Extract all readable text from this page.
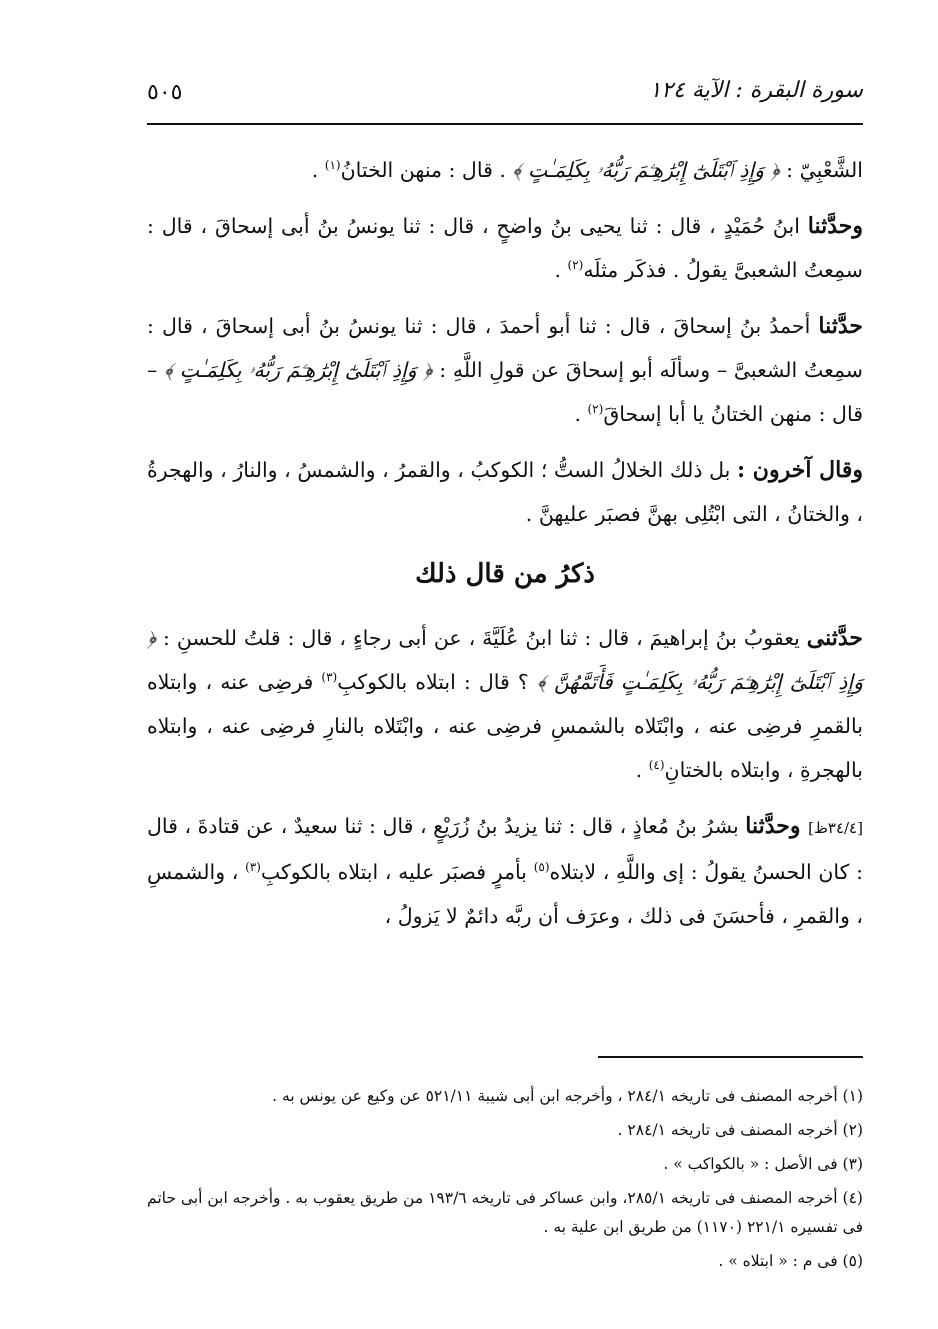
٥٠٥	سورة البقرة : الآية ١٢٤

الشَّعْبِيّ : ﴿ وَإِذِ ٱبْتَلَىٰٓ إِبْرَٰهِـۧمَ رَبُّهُۥ بِكَلِمَـٰتٍ ﴾ . قال : منهن الختانُ$^{(١)}$ .

وحدَّثنا ابنُ حُمَيْدٍ ، قال : ثنا يحيى بنُ واضحٍ ، قال : ثنا يونسُ بنُ أبى إسحاقَ ، قال : سمِعتُ الشعبىَّ يقولُ . فذكَر مثلَه$^{(٢)}$ .

حدَّثنا أحمدُ بنُ إسحاقَ ، قال : ثنا أبو أحمدَ ، قال : ثنا يونسُ بنُ أبى إسحاقَ ، قال : سمِعتُ الشعبىَّ – وسألَه أبو إسحاقَ عن قولِ اللَّهِ : ﴿ وَإِذِ ٱبْتَلَىٰٓ إِبْرَٰهِـۧمَ رَبُّهُۥ بِكَلِمَـٰتٍ ﴾ – قال : منهن الختانُ يا أبا إسحاقَ$^{(٢)}$ .

وقال آخرون : بل ذلك الخلالُ الستُّ ؛ الكوكبُ ، والقمرُ ، والشمسُ ، والنارُ ، والهجرةُ ، والختانُ ، التى ابْتُلِى بهنَّ فصبَر عليهنَّ .

ذكرُ من قال ذلك

حدَّثنى يعقوبُ بنُ إبراهيمَ ، قال : ثنا ابنُ عُلَيَّةَ ، عن أبى رجاءٍ ، قال : قلتُ للحسنِ : ﴿ وَإِذِ ٱبْتَلَىٰٓ إِبْرَٰهِـۧمَ رَبُّهُۥ بِكَلِمَـٰتٍ فَأَتَمَّهُنَّ ﴾ ؟ قال : ابتلاه بالكوكبِ$^{(٣)}$ فرضِى عنه ، وابتلاه بالقمرِ فرضِى عنه ، وابْتَلاه بالشمسِ فرضِى عنه ، وابْتَلاه بالنارِ فرضِى عنه ، وابتلاه بالهجرةِ ، وابتلاه بالختانِ$^{(٤)}$ .

[٣٤/٤ظ] وحدَّثنا بشرُ بنُ مُعاذٍ ، قال : ثنا يزيدُ بنُ زُرَيْعٍ ، قال : ثنا سعيدٌ ، عن قتادةَ ، قال : كان الحسنُ يقولُ : إى واللَّهِ ، لابتلاه$^{(٥)}$ بأمرٍ فصبَر عليه ، ابتلاه بالكوكبِ$^{(٣)}$ ، والشمسِ ، والقمرِ ، فأحسَنَ فى ذلك ، وعرَف أن ربَّه دائمٌ لا يَزولُ ،

(١) أخرجه المصنف فى تاريخه ٢٨٤/١ ، وأخرجه ابن أبى شيبة ٥٢١/١١ عن وكيع عن يونس به .

(٢) أخرجه المصنف فى تاريخه ٢٨٤/١ .

(٣) فى الأصل : « بالكواكب » .

(٤) أخرجه المصنف فى تاريخه ٢٨٥/١، وابن عساكر فى تاريخه ١٩٣/٦ من طريق يعقوب به . وأخرجه ابن أبى حاتم فى تفسيره ٢٢١/١ (١١٧٠) من طريق ابن علية به .

(٥) فى م : « ابتلاه » .
